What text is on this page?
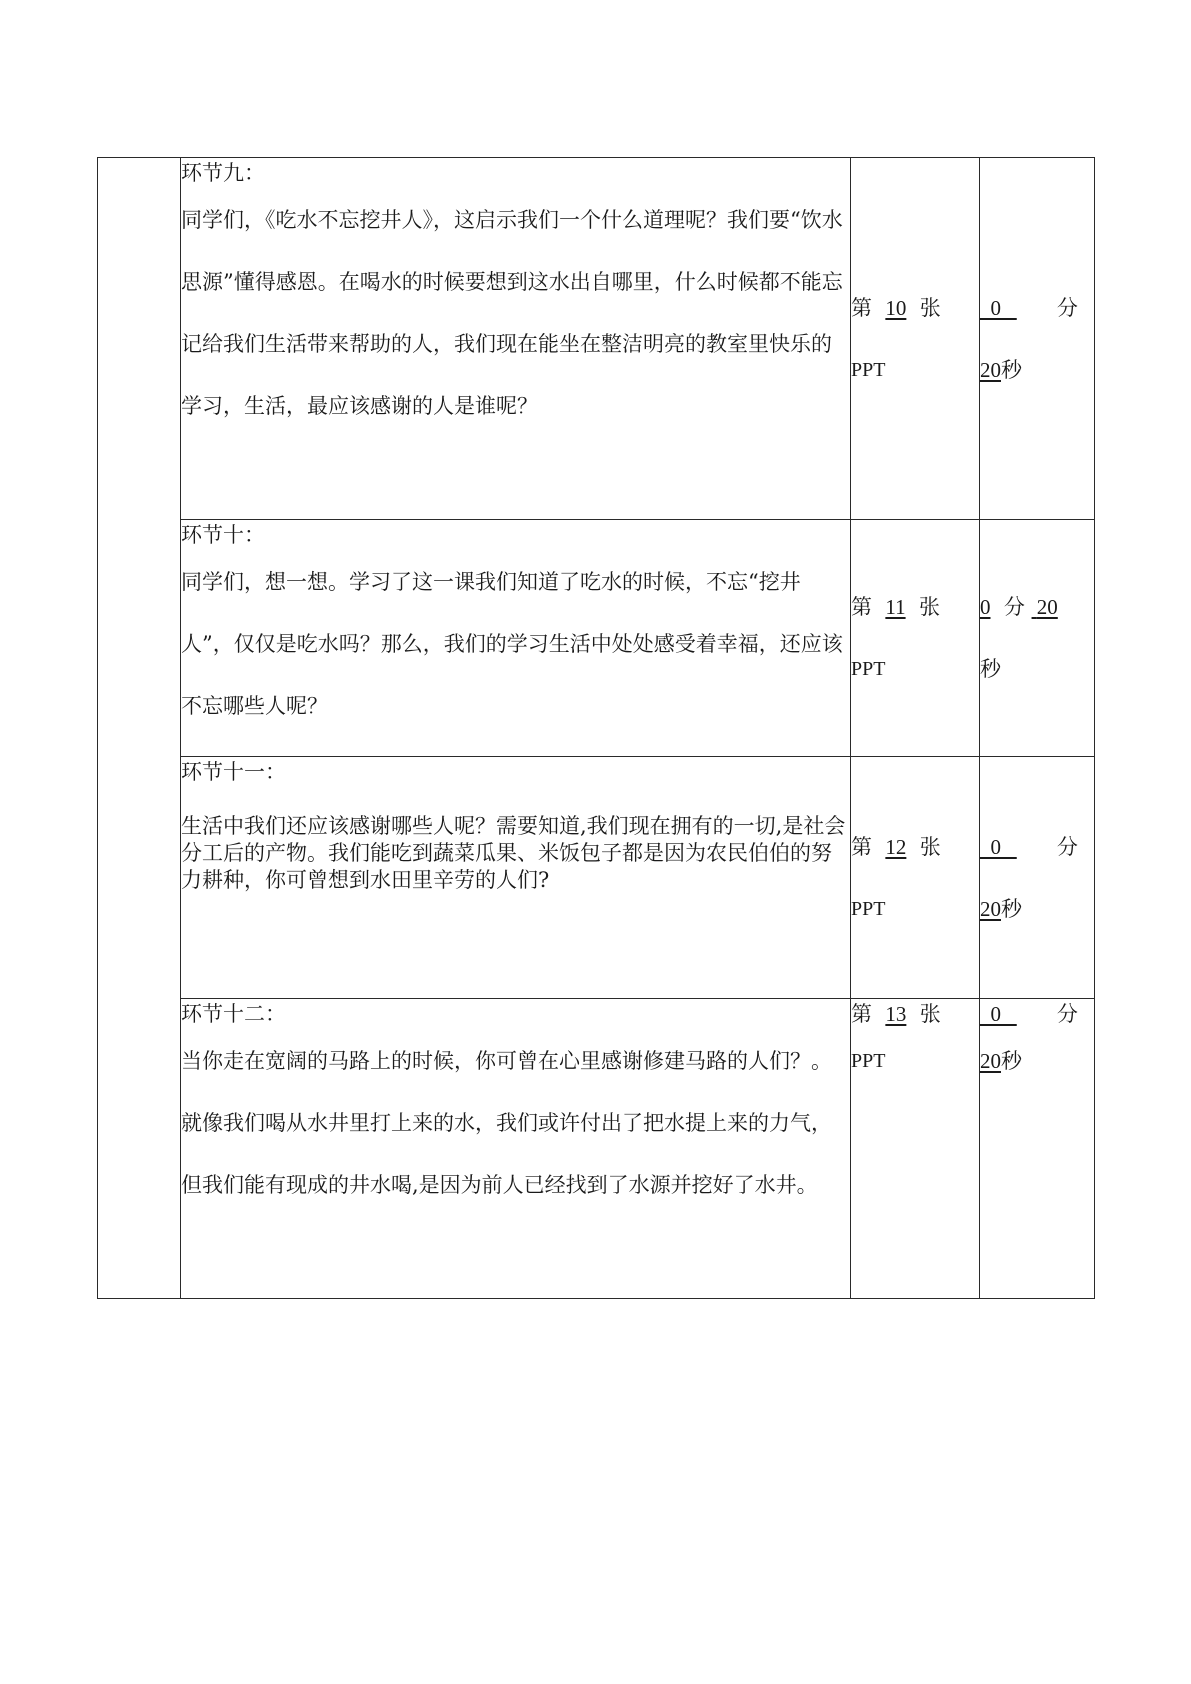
	环节九：
同学们，《吃水不忘挖井人》，这启示我们一个什么道理呢？我们要“饮水思源”懂得感恩。在喝水的时候要想到这水出自哪里，什么时候都不能忘记给我们生活带来帮助的人，我们现在能坐在整洁明亮的教室里快乐的学习，生活，最应该感谢的人是谁呢？	第 10 张
PPT	0 分
20秒

	环节十：
同学们，想一想。学习了这一课我们知道了吃水的时候，不忘“挖井人”，仅仅是吃水吗？那么，我们的学习生活中处处感受着幸福，还应该不忘哪些人呢？	第 11 张
PPT	0 分 20
秒

	环节十一：
生活中我们还应该感谢哪些人呢？需要知道,我们现在拥有的一切,是社会分工后的产物。我们能吃到蔬菜瓜果、米饭包子都是因为农民伯伯的努力耕种，你可曾想到水田里辛劳的人们?	第 12 张
PPT	0 分
20秒

	环节十二：
当你走在宽阔的马路上的时候，你可曾在心里感谢修建马路的人们？。就像我们喝从水井里打上来的水，我们或许付出了把水提上来的力气，但我们能有现成的井水喝,是因为前人已经找到了水源并挖好了水井。	第 13 张
PPT	0 分
20秒
